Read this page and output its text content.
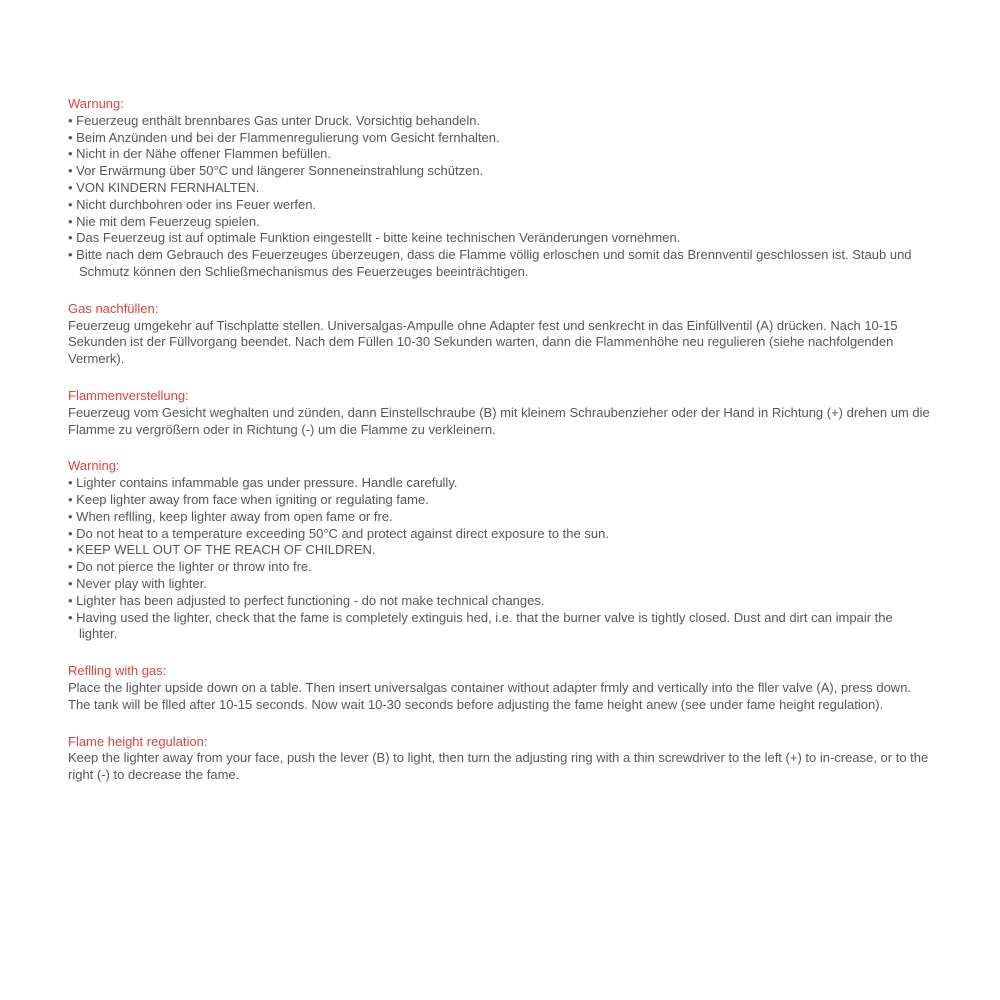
Warnung:
• Feuerzeug enthält brennbares Gas unter Druck. Vorsichtig behandeln.
• Beim Anzünden und bei der Flammenregulierung vom Gesicht fernhalten.
• Nicht in der Nähe offener Flammen befüllen.
• Vor Erwärmung über 50°C und längerer Sonneneinstrahlung schützen.
• VON KINDERN FERNHALTEN.
• Nicht durchbohren oder ins Feuer werfen.
• Nie mit dem Feuerzeug spielen.
• Das Feuerzeug ist auf optimale Funktion eingestellt - bitte keine technischen Veränderungen vornehmen.
• Bitte nach dem Gebrauch des Feuerzeuges überzeugen, dass die Flamme völlig erloschen und somit das Brennventil geschlossen ist. Staub und Schmutz können den Schließmechanismus des Feuerzeuges beeinträchtigen.
Gas nachfüllen:

Feuerzeug umgekehr auf Tischplatte stellen. Universalgas-Ampulle ohne Adapter fest und senkrecht in das Einfüllventil (A) drücken. Nach 10-15 Sekunden ist der Füllvorgang beendet. Nach dem Füllen 10-30 Sekunden warten, dann die Flammenhöhe neu regulieren (siehe nachfolgenden Vermerk).

Flammenverstellung:

Feuerzeug vom Gesicht weghalten und zünden, dann Einstellschraube (B) mit kleinem Schraubenzieher oder der Hand in Richtung (+) drehen um die Flamme zu vergrößern oder in Richtung (-) um die Flamme zu verkleinern.

Warning:
• Lighter contains infammable gas under pressure. Handle carefully.
• Keep lighter away from face when igniting or regulating fame.
• When reflling, keep lighter away from open fame or fre.
• Do not heat to a temperature exceeding 50°C and protect against direct exposure to the sun.
• KEEP WELL OUT OF THE REACH OF CHILDREN.
• Do not pierce the lighter or throw into fre.
• Never play with lighter.
• Lighter has been adjusted to perfect functioning - do not make technical changes.
• Having used the lighter, check that the fame is completely extinguis hed, i.e. that the burner valve is tightly closed. Dust and dirt can impair the lighter.
Reflling with gas:

Place the lighter upside down on a table. Then insert universalgas container without adapter frmly and vertically into the fller valve (A), press down. The tank will be flled after 10-15 seconds. Now wait 10-30 seconds before adjusting the fame height anew (see under fame height regulation).

Flame height regulation:

Keep the lighter away from your face, push the lever (B) to light, then turn the adjusting ring with a thin screwdriver to the left (+) to in-crease, or to the right (-) to decrease the fame.
